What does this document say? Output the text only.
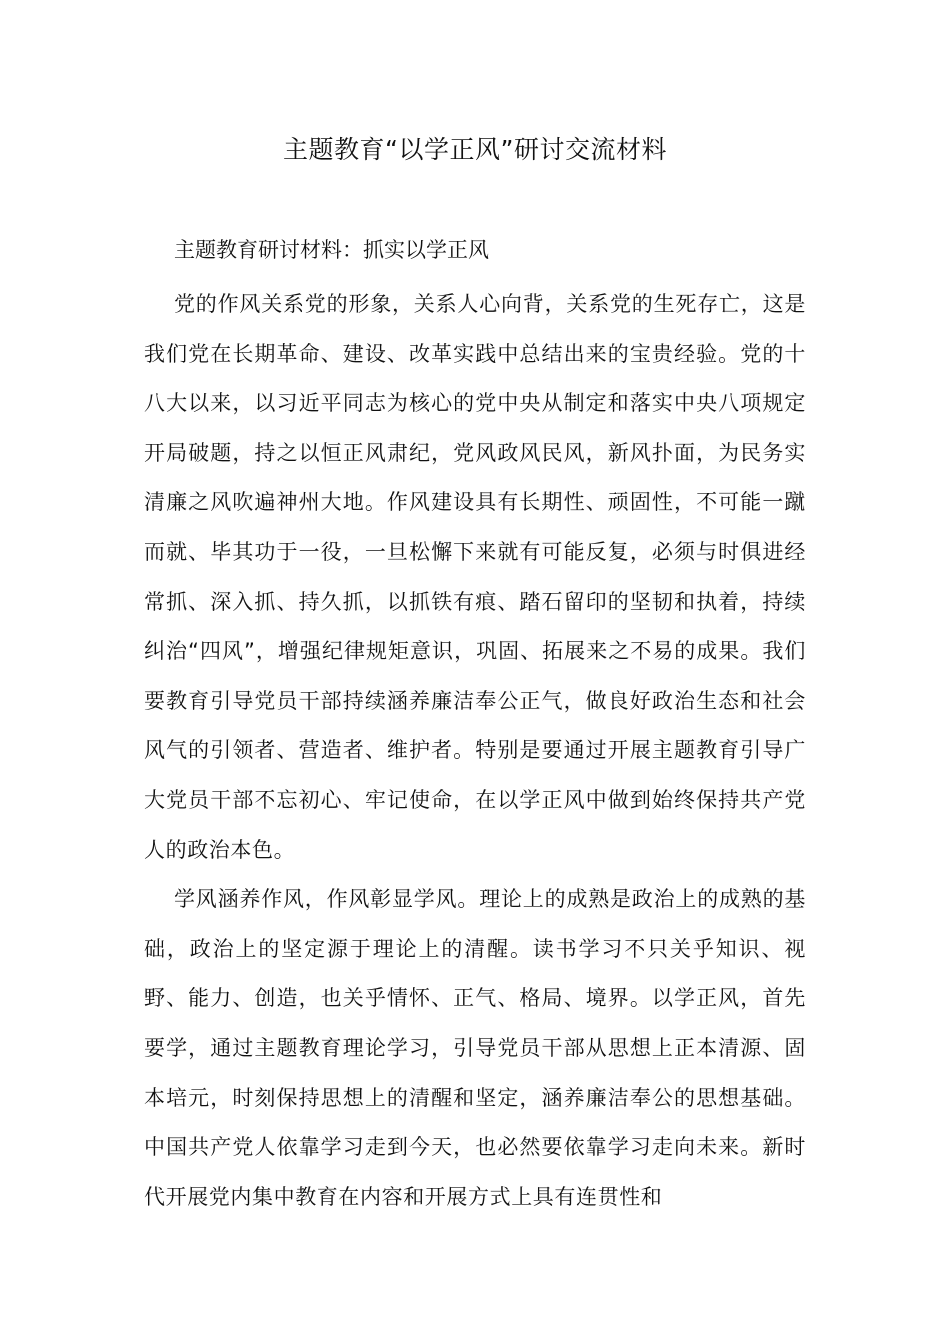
主题教育“以学正风”研讨交流材料

主题教育研讨材料：抓实以学正风

党的作风关系党的形象，关系人心向背，关系党的生死存亡，这是我们党在长期革命、建设、改革实践中总结出来的宝贵经验。党的十八大以来，以习近平同志为核心的党中央从制定和落实中央八项规定开局破题，持之以恒正风肃纪，党风政风民风，新风扑面，为民务实清廉之风吹遍神州大地。作风建设具有长期性、顽固性，不可能一蹴而就、毕其功于一役，一旦松懈下来就有可能反复，必须与时俱进经常抓、深入抓、持久抓，以抓铁有痕、踏石留印的坚韧和执着，持续纠治“四风”，增强纪律规矩意识，巩固、拓展来之不易的成果。我们要教育引导党员干部持续涵养廉洁奉公正气，做良好政治生态和社会风气的引领者、营造者、维护者。特别是要通过开展主题教育引导广大党员干部不忘初心、牢记使命，在以学正风中做到始终保持共产党人的政治本色。

学风涵养作风，作风彰显学风。理论上的成熟是政治上的成熟的基础，政治上的坚定源于理论上的清醒。读书学习不只关乎知识、视野、能力、创造，也关乎情怀、正气、格局、境界。以学正风，首先要学，通过主题教育理论学习，引导党员干部从思想上正本清源、固本培元，时刻保持思想上的清醒和坚定，涵养廉洁奉公的思想基础。中国共产党人依靠学习走到今天，也必然要依靠学习走向未来。新时代开展党内集中教育在内容和开展方式上具有连贯性和
